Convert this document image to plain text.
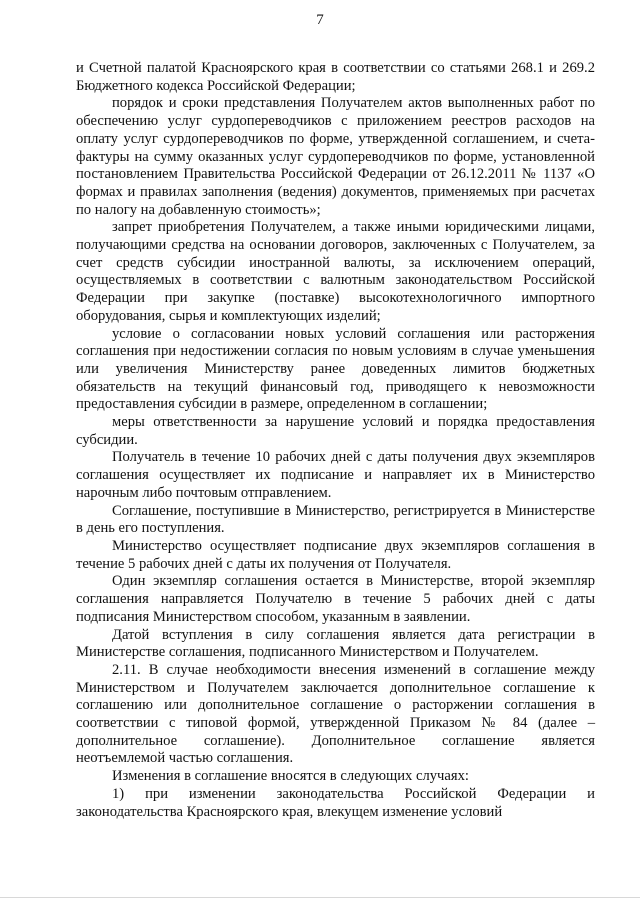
7

и Счетной палатой Красноярского края в соответствии со статьями 268.1 и 269.2 Бюджетного кодекса Российской Федерации;

порядок и сроки представления Получателем актов выполненных работ по обеспечению услуг сурдопереводчиков с приложением реестров расходов на оплату услуг сурдопереводчиков по форме, утвержденной соглашением, и счета-фактуры на сумму оказанных услуг сурдопереводчиков по форме, установленной постановлением Правительства Российской Федерации от 26.12.2011 № 1137 «О формах и правилах заполнения (ведения) документов, применяемых при расчетах по налогу на добавленную стоимость»;

запрет приобретения Получателем, а также иными юридическими лицами, получающими средства на основании договоров, заключенных с Получателем, за счет средств субсидии иностранной валюты, за исключением операций, осуществляемых в соответствии с валютным законодательством Российской Федерации при закупке (поставке) высокотехнологичного импортного оборудования, сырья и комплектующих изделий;

условие о согласовании новых условий соглашения или расторжения соглашения при недостижении согласия по новым условиям в случае уменьшения или увеличения Министерству ранее доведенных лимитов бюджетных обязательств на текущий финансовый год, приводящего к невозможности предоставления субсидии в размере, определенном в соглашении;

меры ответственности за нарушение условий и порядка предоставления субсидии.

Получатель в течение 10 рабочих дней с даты получения двух экземпляров соглашения осуществляет их подписание и направляет их в Министерство нарочным либо почтовым отправлением.

Соглашение, поступившие в Министерство, регистрируется в Министерстве в день его поступления.

Министерство осуществляет подписание двух экземпляров соглашения в течение 5 рабочих дней с даты их получения от Получателя.

Один экземпляр соглашения остается в Министерстве, второй экземпляр соглашения направляется Получателю в течение 5 рабочих дней с даты подписания Министерством способом, указанным в заявлении.

Датой вступления в силу соглашения является дата регистрации в Министерстве соглашения, подписанного Министерством и Получателем.

2.11. В случае необходимости внесения изменений в соглашение между Министерством и Получателем заключается дополнительное соглашение к соглашению или дополнительное соглашение о расторжении соглашения в соответствии с типовой формой, утвержденной Приказом № 84 (далее – дополнительное соглашение). Дополнительное соглашение является неотъемлемой частью соглашения.

Изменения в соглашение вносятся в следующих случаях:

1) при изменении законодательства Российской Федерации и законодательства Красноярского края, влекущем изменение условий
